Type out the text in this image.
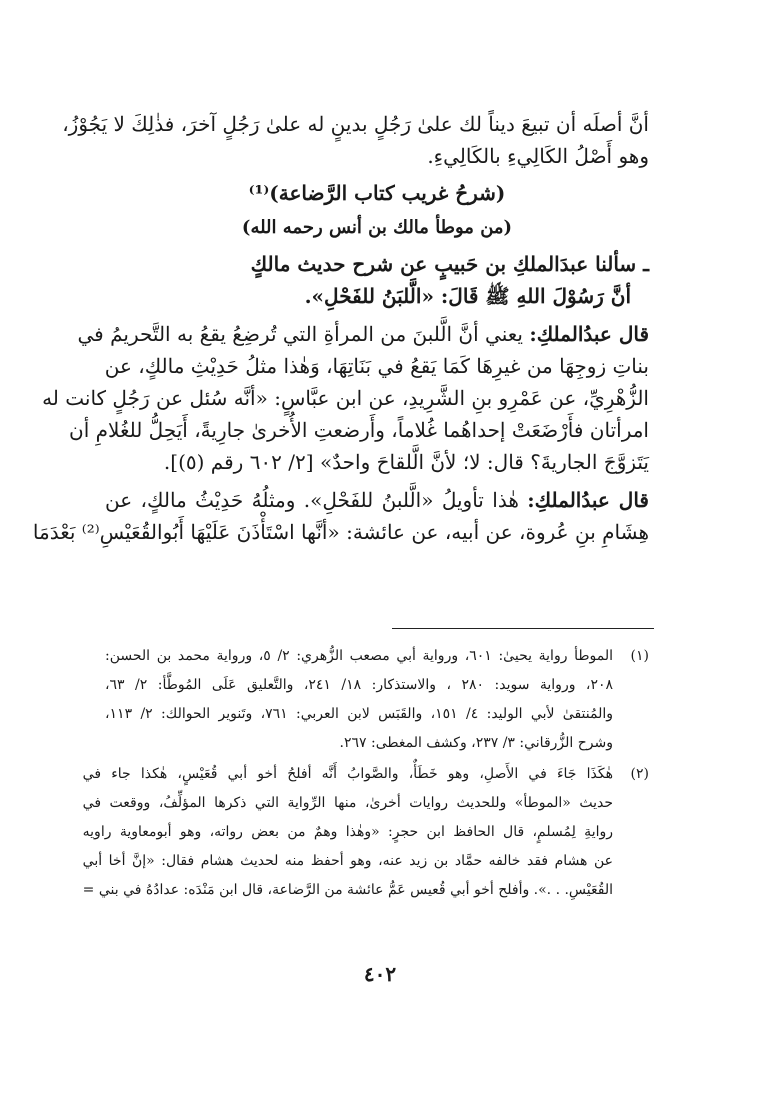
أنَّ أصلَه أن تبيعَ ديناً لك علىٰ رَجُلٍ بدينٍ له علىٰ رَجُلٍ آخرَ، فذٰلِكَ لا يَجُوْزُ،

وهو أَصْلُ الكَالِيءِ بالكَالِيءِ.

(شرحُ غريب كتاب الرَّضاعة)⁽¹⁾
(من موطأ مالك بن أنس رحمه الله)

ـ سألنا عبدَالملكِ بن حَبيبٍ عن شرح حديث مالكٍ

أنَّ رَسُوْلَ اللهِ ﷺ قَالَ: «الَّلبَنُ للفَحْلِ».

قال عبدُالملكِ: يعني أنَّ الَّلبنَ من المرأةِ التي تُرضِعُ يقعُ به التَّحريمُ في

بناتِ زوجِهَا من غيرِهَا كَمَا يَقعُ في بَنَاتِهَا، وَهٰذا مثلُ حَدِيْثِ مالكٍ، عن

الزُّهْرِيِّ، عن عَمْرِو بنِ الشَّرِيدِ، عن ابن عبَّاسٍ: «أنَّه سُئل عن رَجُلٍ كانت له

امرأتان فأَرْضَعَتْ إحداهُما غُلاماً، وأَرضعتِ الأُخرىٰ جارِيةً، أَيَحِلُّ للغُلامِ أن

يَتَزوَّجَ الجاريةَ؟ قال: لا؛ لأنَّ الَّلقاحَ واحدٌ» [٢/ ٦٠٢ رقم (٥)].

قال عبدُالملكِ: هٰذا تأويلُ «الَّلبنُ للفَحْلِ». ومثلُهُ حَدِيْثُ مالكٍ، عن

هِشَامِ بنِ عُروة، عن أبيه، عن عائشة: «أنَّها اسْتَأْذَنَ عَلَيْهَا أَبُوالقُعَيْسِ⁽²⁾ بَعْدَمَا

(١)

الموطأ رواية يحيىٰ: ٦٠١، ورواية أبي مصعب الزُّهري: ٢/ ٥، ورواية محمد بن الحسن:

٢٠٨، ورواية سويد: ٢٨٠ ، والاستذكار: ١٨/ ٢٤١، والتَّعليق عَلَى المُوطَّأ: ٢/ ٦٣،

والمُنتقىٰ لأبي الوليد: ٤/ ١٥١، والقَبَس لابن العربي: ٧٦١، وتَنوير الحوالك: ٢/ ١١٣،

وشرح الزُّرقاني: ٣/ ٢٣٧، وكشف المغطى: ٢٦٧.

(٢)

هٰكَذَا جَاءَ في الأَصلِ، وهو خَطَأٌ، والصَّوابُ أَنَّه أفلحُ أخو أبي قُعَيْسٍ، هٰكذا جاء في

حديث «الموطأ» وللحديث روايات أخرىٰ، منها الرِّواية التي ذكرها المؤلِّفُ، ووقعت في

روايةِ لِمُسلمٍ، قال الحافظ ابن حجرٍ: «وهٰذا وهمٌ من بعض رواته، وهو أبومعاوية راويه

عن هشام فقد خالفه حمَّاد بن زيد عنه، وهو أحفظ منه لحديث هشام فقال: «إنَّ أخا أبي

القُعَيْسِ. . .». وأفلح أخو أبي قُعيس عَمُّ عائشة من الرَّضاعة، قال ابن مَنْدَه: عدادُهُ في بني =

٤٠٢
